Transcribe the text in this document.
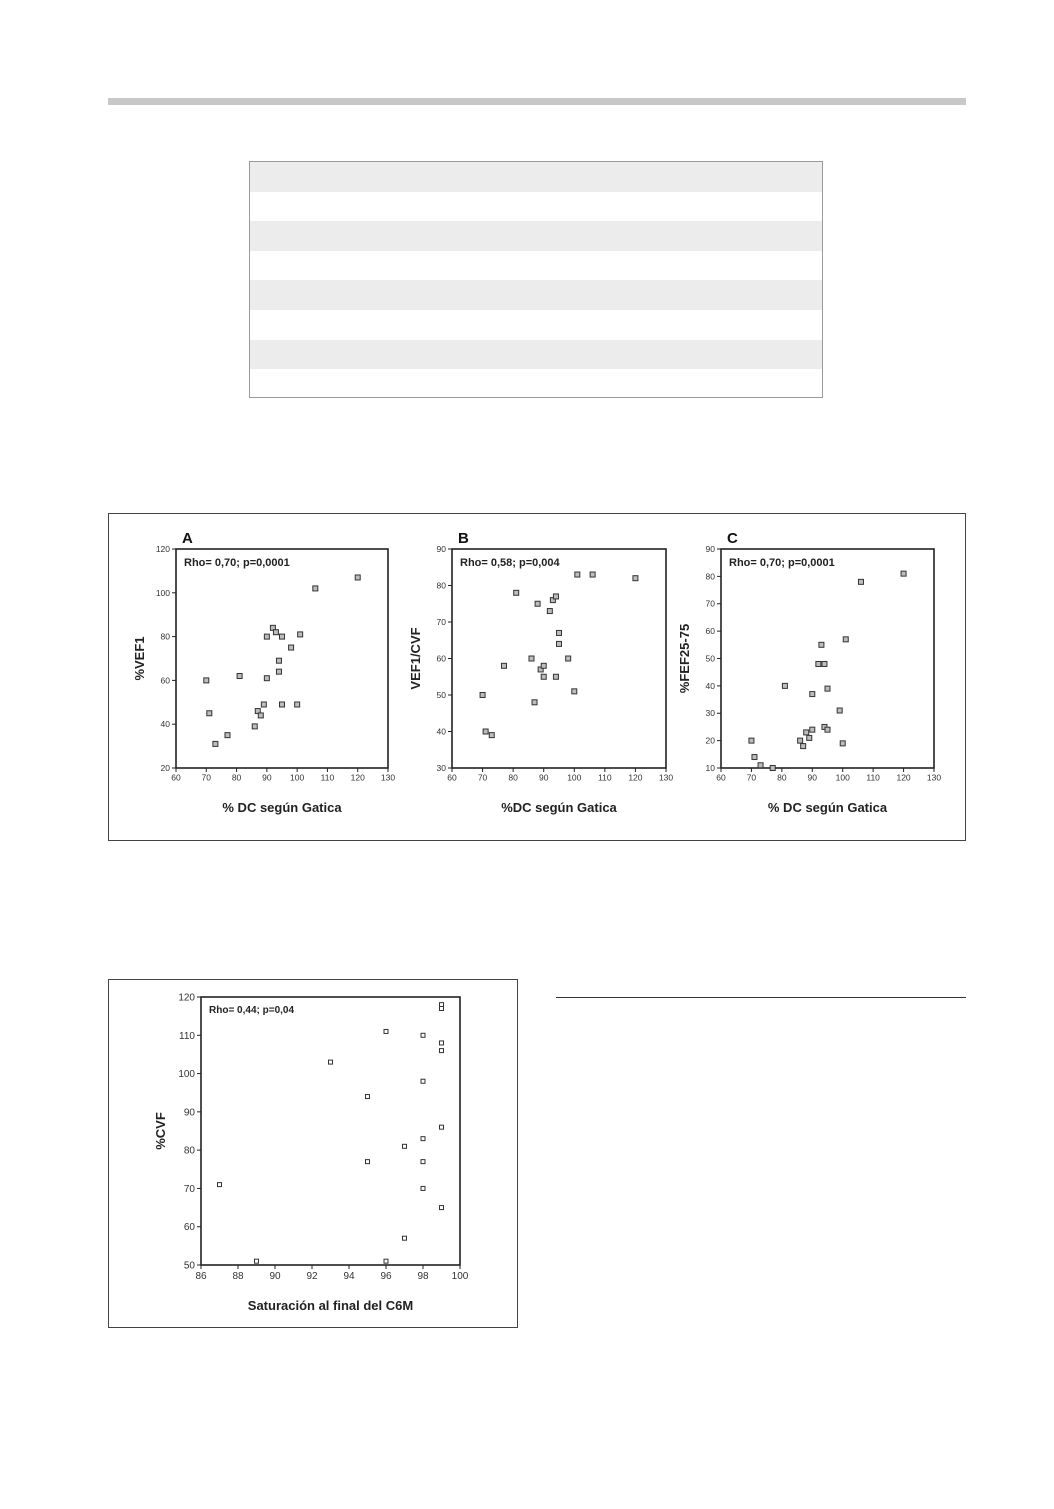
60 70 80 90 100 110 120 130
20
40
60
80
100
120
Rho= 0,70; p=0,0001
A
% DC según Gatica
%VEF1
60 70 80 90 100 110 120 130
30
40
50
60
70
80
90
Rho= 0,58; p=0,004
B
%DC según Gatica
VEF1/CVF
60 70 80 90 100 110 120 130
10
20
30
40
50
60
70
80
90
Rho= 0,70; p=0,0001
C
% DC según Gatica
%FEF25-75
86	88	90	92	94	96	98 100
50
60
70
80
90
100
110
120
Rho= 0,44; p=0,04
Saturación al final del C6M
%CVF
